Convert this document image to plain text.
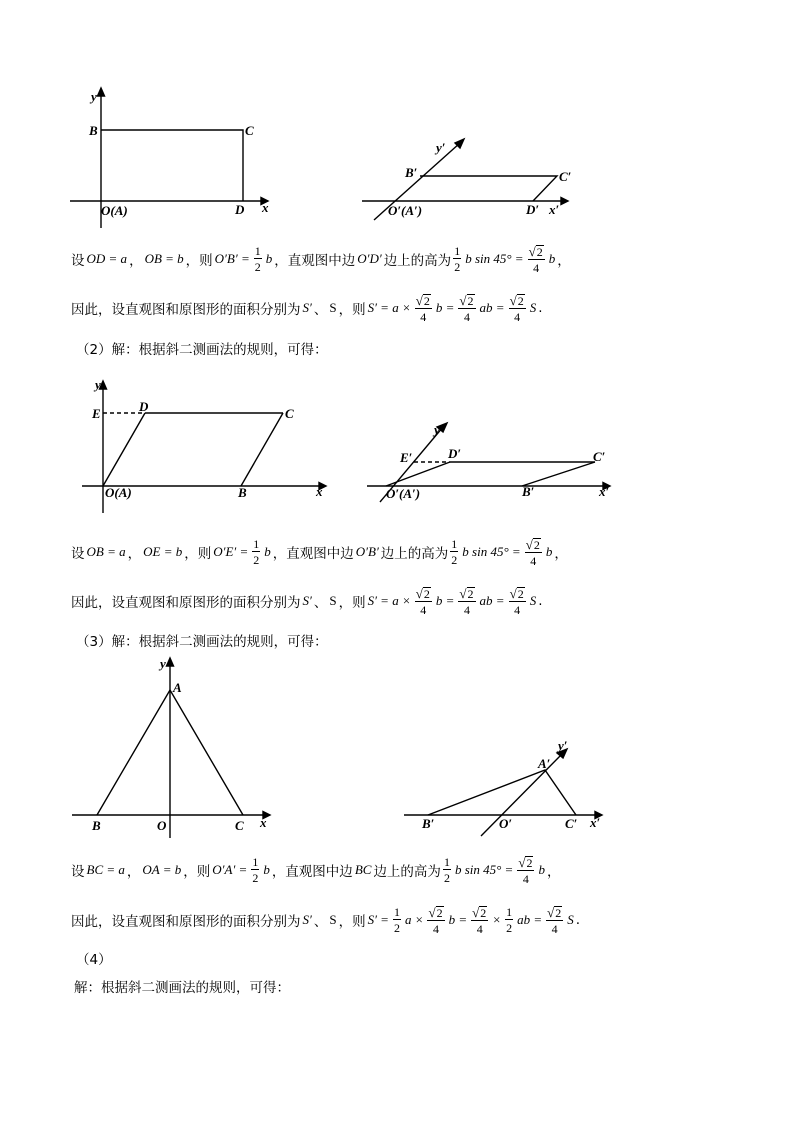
y
B	C
O(A)	D x
y′
B′	C′
O′(A′)	D′ x′
设 OD = a ， OB = b ，则 $O'B' = \frac{1}{2}$ b ，直观图中边 O′D′ 边上的高为 $\frac{1}{2}$ b $\sin 45^\circ = \frac{√ 2}{4}$ b ，
因此，设直观图和原图形的面积分别为 S′ 、 S ，则 $S' = a \times \frac{√ 2}{4}$ $b = \frac{√ 2}{4}$ ab = $\frac{√ 2}{4}$ S .
（2）解：根据斜二测画法的规则，可得：
y
E	D	C
O(A)	B	x
y′
E′	D′	C′
O′(A′)	B′	x′
设 OB = a ， OE = b ，则 $O'E' = \frac{1}{2}$ b ，直观图中边 O′B′ 边上的高为 $\frac{1}{2}$ b $\sin 45^\circ = \frac{√ 2}{4}$ b ，
因此，设直观图和原图形的面积分别为 S′ 、 S ，则 $S' = a \times \frac{√ 2}{4}$ $b = \frac{√ 2}{4}$ ab = $\frac{√ 2}{4}$ S .
（3）解：根据斜二测画法的规则，可得：
y
A
B	O	C x
y′
A′
B′	O′	C′ x′
设 BC = a ， OA = b ，则 $O'A' = \frac{1}{2}$ b ，直观图中边 BC 边上的高为 $\frac{1}{2}$ b $\sin 45^\circ = \frac{√ 2}{4}$ b ，
因此，设直观图和原图形的面积分别为 S′ 、 S ，则 $S' = \frac{1}{2}$ $a \times \frac{√ 2}{4}$ $b = \frac{√ 2}{4} \times \frac{1}{2}$ ab = $\frac{√ 2}{4}$ S .
（4）
解：根据斜二测画法的规则，可得：
